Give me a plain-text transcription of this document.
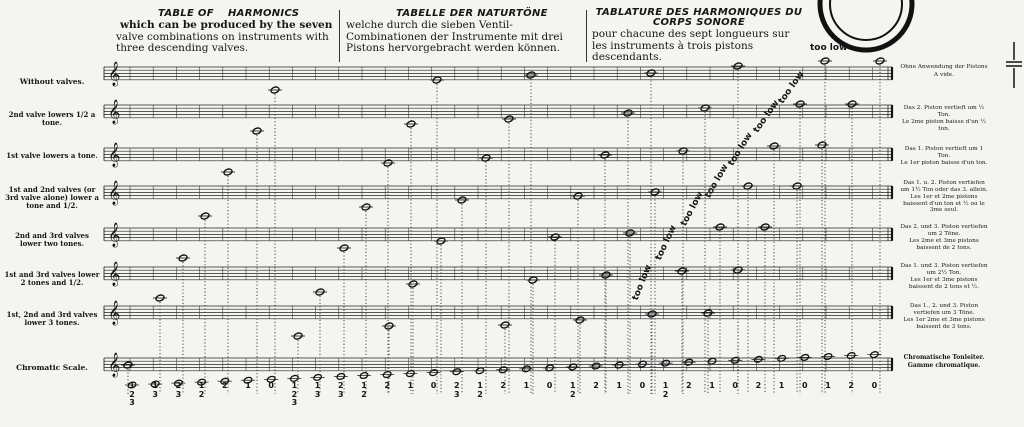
𝄞
𝄞
𝄞
𝄞
𝄞
𝄞
𝄞
𝄞
TABLE OF HARMONICS
which can be produced by the seven valve combinations on instruments with three descending valves.
TABELLE DER NATURTÖNE
welche durch die sieben Ventil-Combinationen der Instrumente mit drei Pistons hervorgebracht werden können.
TABLATURE DES HARMONIQUES DU CORPS SONORE
pour chacune des sept longueurs sur les instruments à trois pistons descendants.
Without valves.
2nd valve lowers 1/2 a tone.
1st valve lowers a tone.
1st and 2nd valves (or 3rd valve alone) lower a tone and 1/2.
2nd and 3rd valves lower two tones.
1st and 3rd valves lower 2 tones and 1/2.
1st, 2nd and 3rd valves lower 3 tones.
Chromatic Scale.
Ohne Anwendung der Pistons
A vide.
Das 2. Piston vertieft um ½ Ton.
Le 2me piston baisse d'un ½ ton.
Das 1. Piston vertieft um 1 Ton.
Le 1er piston baisse d'un ton.
Das 1. u. 2. Piston vertiefen um 1½ Ton oder das 3. allein.
Les 1er et 2me pistons baissent d'un ton et ½ ou le 3me seul.
Das 2. und 3. Piston vertiefen um 2 Töne.
Les 2me et 3me pistons baissent de 2 tons.
Das 1. und 3. Piston vertiefen um 2½ Ton.
Les 1er et 3me pistons baissent de 2 tons et ½.
Das 1., 2. und 3. Piston vertiefen um 3 Töne.
Les 1er 2me et 3me pistons baissent de 3 tons.
Chromatische Tonleiter.
Gamme chromatique.
too low
too low
too low
too low
too low
too low
too low
too low
1
2
3
1
3
2
3
1
2
2	1	0	1
2
3
1
3
2
3
1
2
2	1	0	2
3
1
2
2	1	0	1
2
2	1	0	1
2
2	1	0	2	1	0	1	2	0
